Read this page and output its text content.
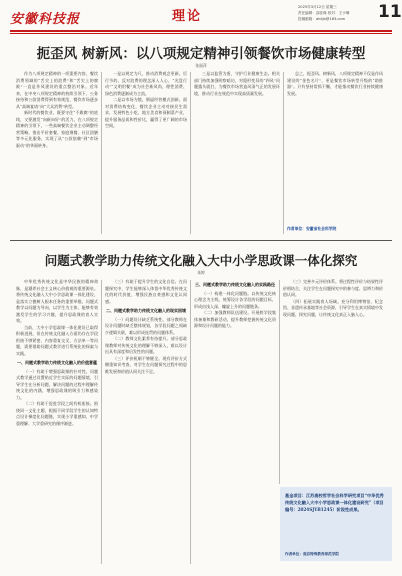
安徽科技报	理论
2025年3月12日 星期三
责任编辑：邵佳缘 校对：王小琳
投稿邮箱：ahkjb@163.com	11
扼歪风 树新风：以八项规定精神引领餐饮市场健康转型
张丽萍

作为八项规定精神的一项重要内容，餐饮消费领域的“舌尖上的浪费”和“舌尖上的腐败”一直是作风建设的重点整治对象。近年来，在中央八项规定精神的持续引领下，公务接待和公款消费得到有效规范，餐饮市场逐步从“高端宴请”向“大众消费”转型。

新时代的餐饮业，既要守住“不敢腐”的底线，又要激发“向新向好”的活力。在八项规定精神的引领下，一些高端餐饮企业主动调整经营策略，推出平价套餐、家庭聚餐、社区团膳等多元化服务，实现了从“公款依赖”到“市场驱动”的华丽转身。

一是以规定为尺，推动消费观念更新。厉行节约、反对浪费的理念深入人心，“光盘行动”“文明用餐”成为社会新风尚，理性消费、绿色消费逐渐成为主流。

二是以市场为镜，倒逼经营模式创新。面对消费结构变化，餐饮企业主动对接民生需求，发展特色小吃、地方美食和预制菜产业，提升服务品质和性价比，赢得了更广阔的市场空间。

三是以监管为盾，守护行业健康生态。相关部门持续加强明察暗访，对隐形变异的“四风”问题露头就打，为餐饮市场营造风清气正的发展环境，推动行业在规范中实现高质量发展。

总之，扼歪风、树新风，八项规定精神不仅是作风建设的“金色名片”，更是餐饮市场转型升级的“助推器”。只有坚持常抓不懈，才能推动餐饮行业持续健康发展。

作者单位：安徽省社会科学院
问题式教学助力传统文化融入大中小学思政课一体化探究
朱婷

中华优秀传统文化是中华民族的精神命脉，是涵养社会主义核心价值观的重要源泉。将传统文化融入大中小学思政课一体化建设，是落实立德树人根本任务的重要举措。问题式教学以问题为导向，以学生为主体，能够有效激发学生的学习兴趣，提升思政课的育人实效。

当前，大中小学思政课一体化建设已取得积极进展，但在传统文化融入方面仍存在学段衔接不够紧密、内容重复交叉、方法单一等问题，需要借助问题式教学进行系统化的探索与实践。

一、问题式教学助力传统文化融入的价值意蕴

（一）有助于增强思政课的针对性。问题式教学通过设置贴近学生实际的问题情境，引导学生在分析问题、解决问题的过程中理解传统文化的内涵，增强思政课的吸引力和感染力。

（二）有助于促进学段之间有机衔接。围绕同一文化主题，根据不同学段学生的认知特点设计梯度化问题链，实现小学重感知、中学重理解、大学重研究的循序渐进。

（三）有助于提升学生的文化自信。在问题探究中，学生能够深入体悟中华优秀传统文化的时代价值，增强民族自豪感和文化认同感。

二、问题式教学助力传统文化融入的现实困境

（一）问题设计缺乏系统性。部分教师在设计问题时缺乏整体规划，各学段问题之间缺少逻辑关联，难以形成连贯的问题体系。

（二）教师文化素养有待提升。部分思政课教师对传统文化的理解不够深入，难以设计出具有深度和启发性的问题。

（三）评价机制不够健全。现有评价方式侧重知识考查，对学生在问题探究过程中的思维发展和价值认同关注不足。

三、问题式教学助力传统文化融入的实践路径

（一）构建一体化问题链。以传统文化核心理念为主线，统筹设计各学段的问题目标，形成由浅入深、螺旋上升的问题链条。

（二）加强教师队伍建设。开展跨学段集体备课和教研活动，提升教师挖掘传统文化资源和设计问题的能力。

（三）完善多元评价体系。将过程性评价与结果性评价相结合，关注学生在问题探究中的参与度、思辨力和价值认同。

（四）拓展实践育人场域。充分利用博物馆、纪念馆、非遗传承基地等社会资源，引导学生在真实情境中发现问题、探究问题，让传统文化真正入脑入心。

基金项目：江苏高校哲学社会科学研究项目“中华优秀传统文化融入大中小学思政课一体化建设研究”（项目编号：2024SJYB1245）阶段性成果。
作者单位：南京特殊教育师范学院
